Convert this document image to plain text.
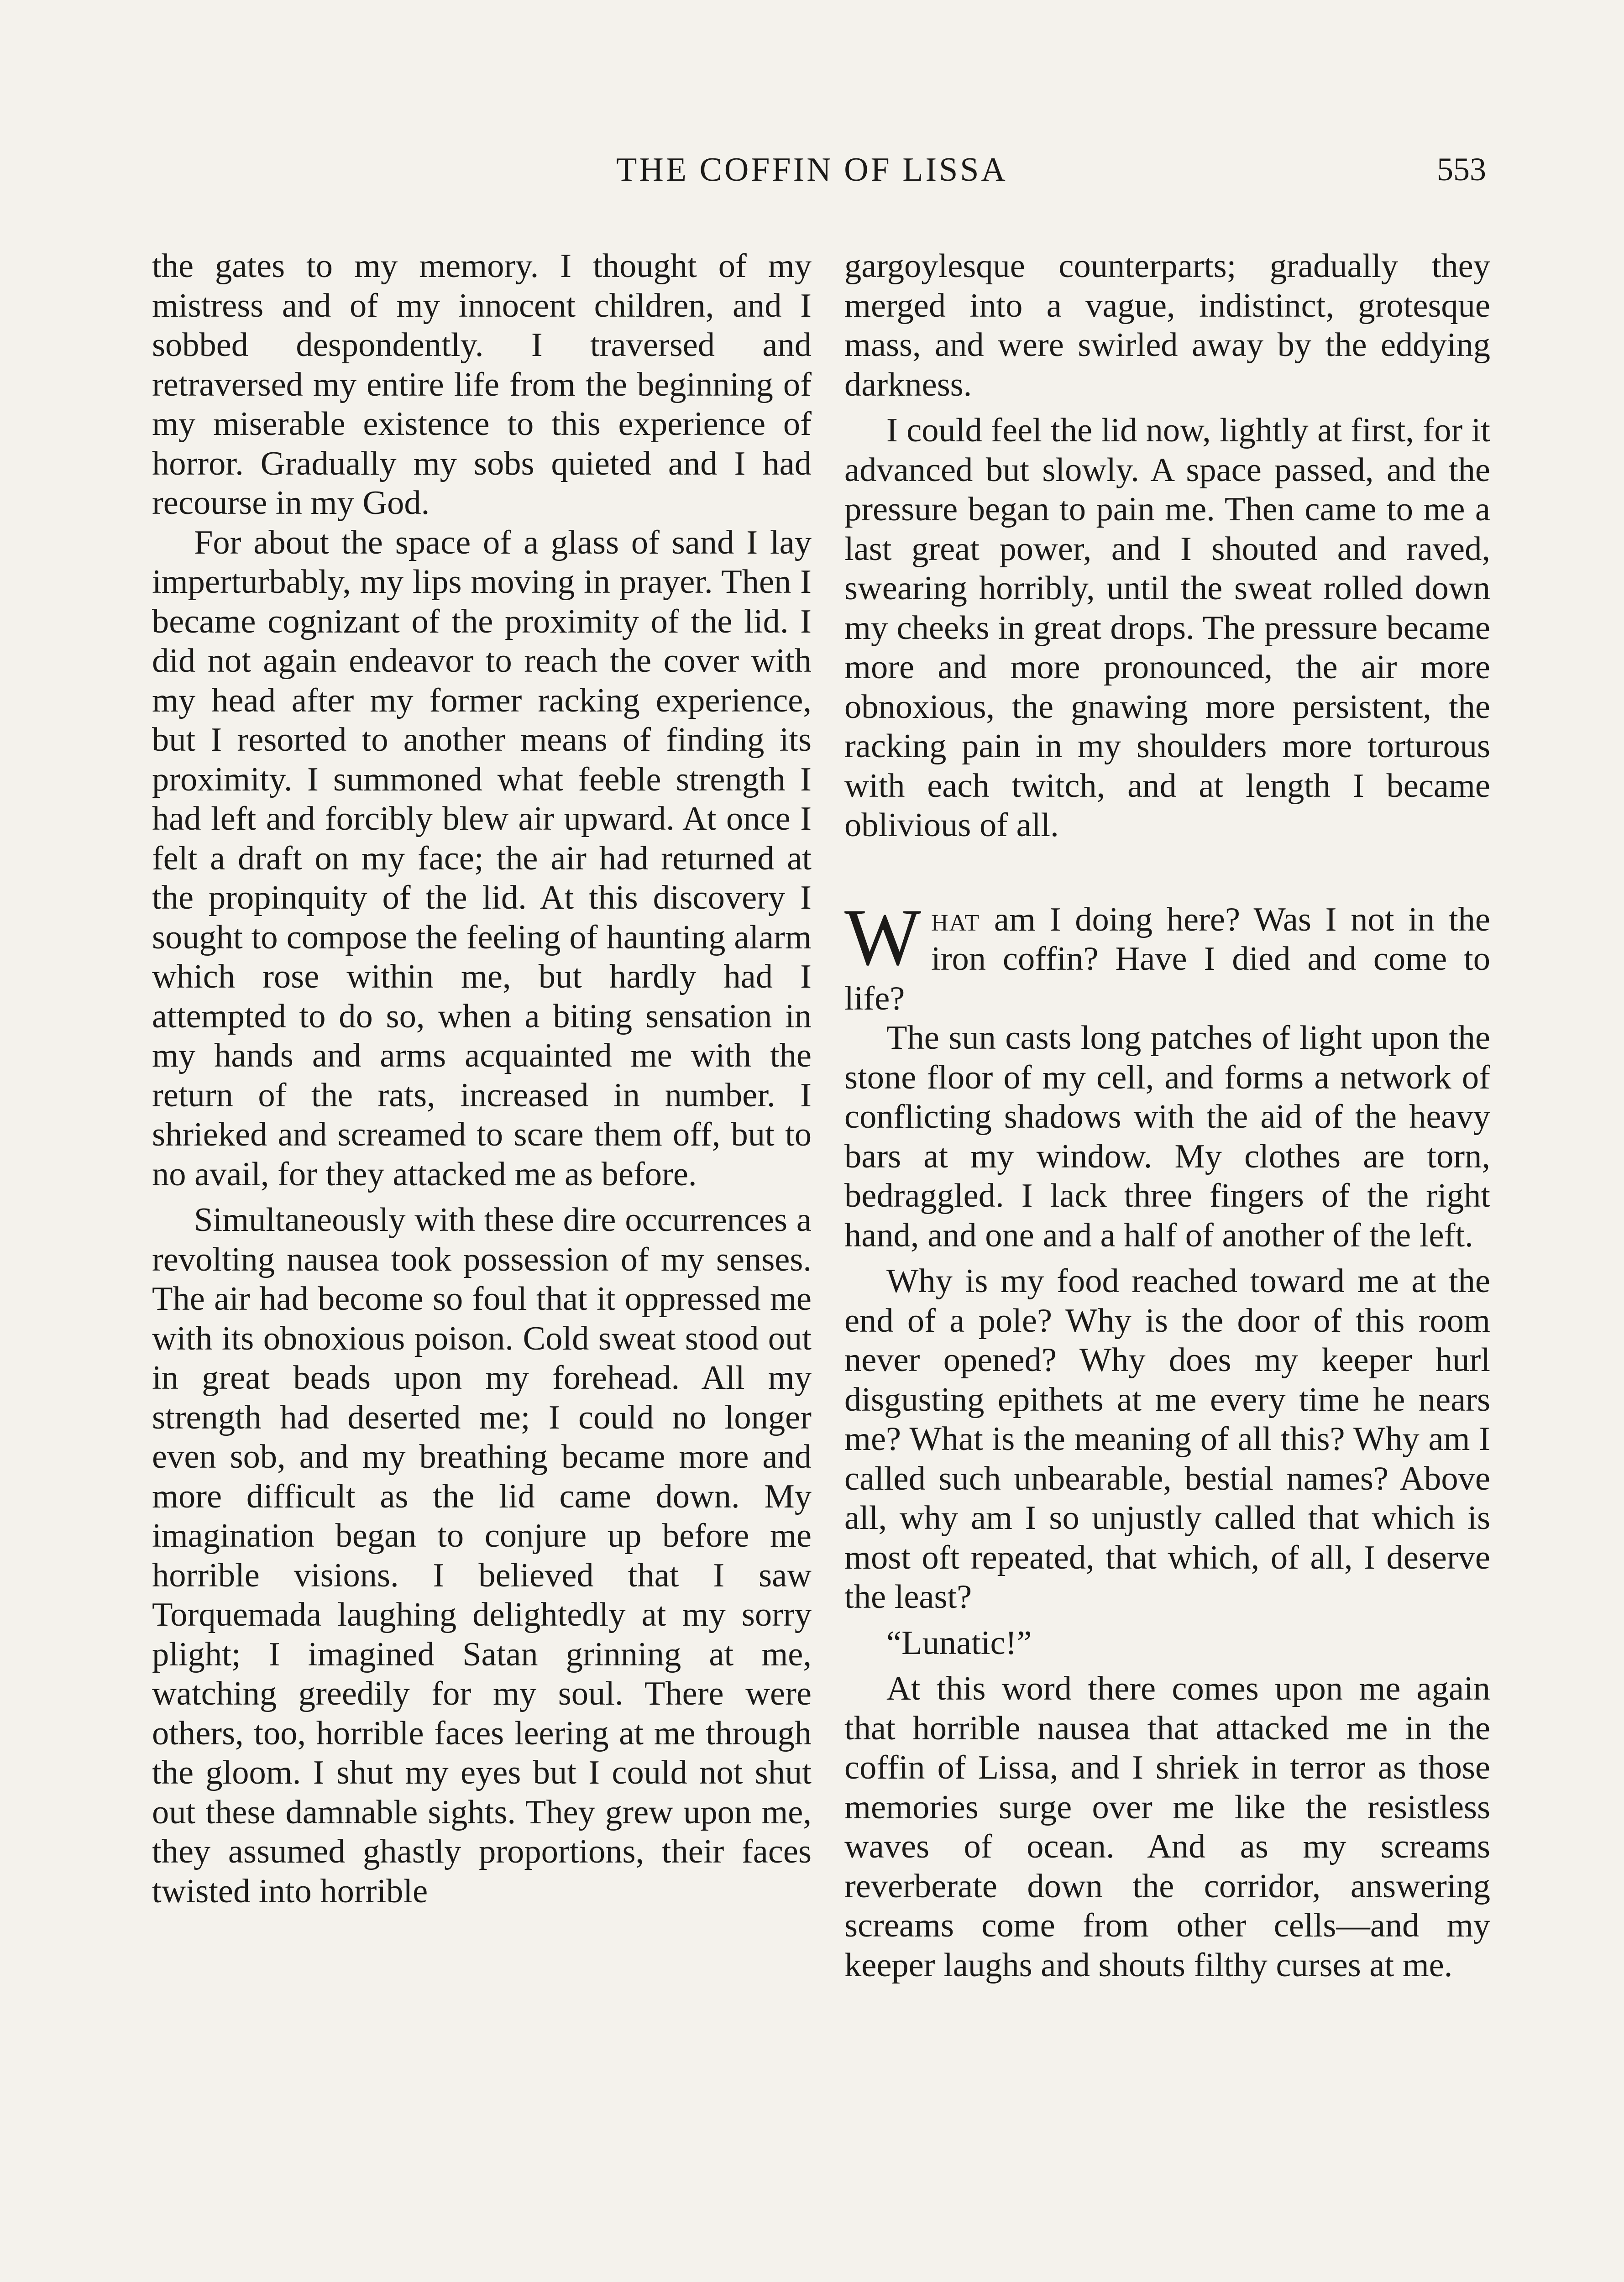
THE COFFIN OF LISSA	553

the gates to my memory. I thought of my mistress and of my innocent children, and I sobbed despondently. I traversed and retraversed my entire life from the beginning of my miserable existence to this experience of horror. Gradually my sobs quieted and I had recourse in my God.

For about the space of a glass of sand I lay imperturbably, my lips moving in prayer. Then I became cognizant of the proximity of the lid. I did not again endeavor to reach the cover with my head after my former racking experience, but I resorted to another means of finding its proximity. I summoned what feeble strength I had left and forcibly blew air upward. At once I felt a draft on my face; the air had returned at the propinquity of the lid. At this discovery I sought to compose the feeling of haunting alarm which rose within me, but hardly had I attempted to do so, when a biting sensation in my hands and arms acquainted me with the return of the rats, increased in number. I shrieked and screamed to scare them off, but to no avail, for they attacked me as before.

Simultaneously with these dire occurrences a revolting nausea took possession of my senses. The air had become so foul that it oppressed me with its obnoxious poison. Cold sweat stood out in great beads upon my forehead. All my strength had deserted me; I could no longer even sob, and my breathing became more and more difficult as the lid came down. My imagination began to conjure up before me horrible visions. I believed that I saw Torquemada laughing delightedly at my sorry plight; I imagined Satan grinning at me, watching greedily for my soul. There were others, too, horrible faces leering at me through the gloom. I shut my eyes but I could not shut out these damnable sights. They grew upon me, they assumed ghastly proportions, their faces twisted into horrible

gargoylesque counterparts; gradually they merged into a vague, indistinct, grotesque mass, and were swirled away by the eddying darkness.

I could feel the lid now, lightly at first, for it advanced but slowly. A space passed, and the pressure began to pain me. Then came to me a last great power, and I shouted and raved, swearing horribly, until the sweat rolled down my cheeks in great drops. The pressure became more and more pronounced, the air more obnoxious, the gnawing more persistent, the racking pain in my shoulders more torturous with each twitch, and at length I became oblivious of all.

What am I doing here? Was I not in the iron coffin? Have I died and come to life?

The sun casts long patches of light upon the stone floor of my cell, and forms a network of conflicting shadows with the aid of the heavy bars at my window. My clothes are torn, bedraggled. I lack three fingers of the right hand, and one and a half of another of the left.

Why is my food reached toward me at the end of a pole? Why is the door of this room never opened? Why does my keeper hurl disgusting epithets at me every time he nears me? What is the meaning of all this? Why am I called such unbearable, bestial names? Above all, why am I so unjustly called that which is most oft repeated, that which, of all, I deserve the least?

“Lunatic!”

At this word there comes upon me again that horrible nausea that attacked me in the coffin of Lissa, and I shriek in terror as those memories surge over me like the resistless waves of ocean. And as my screams reverberate down the corridor, answering screams come from other cells—and my keeper laughs and shouts filthy curses at me.
